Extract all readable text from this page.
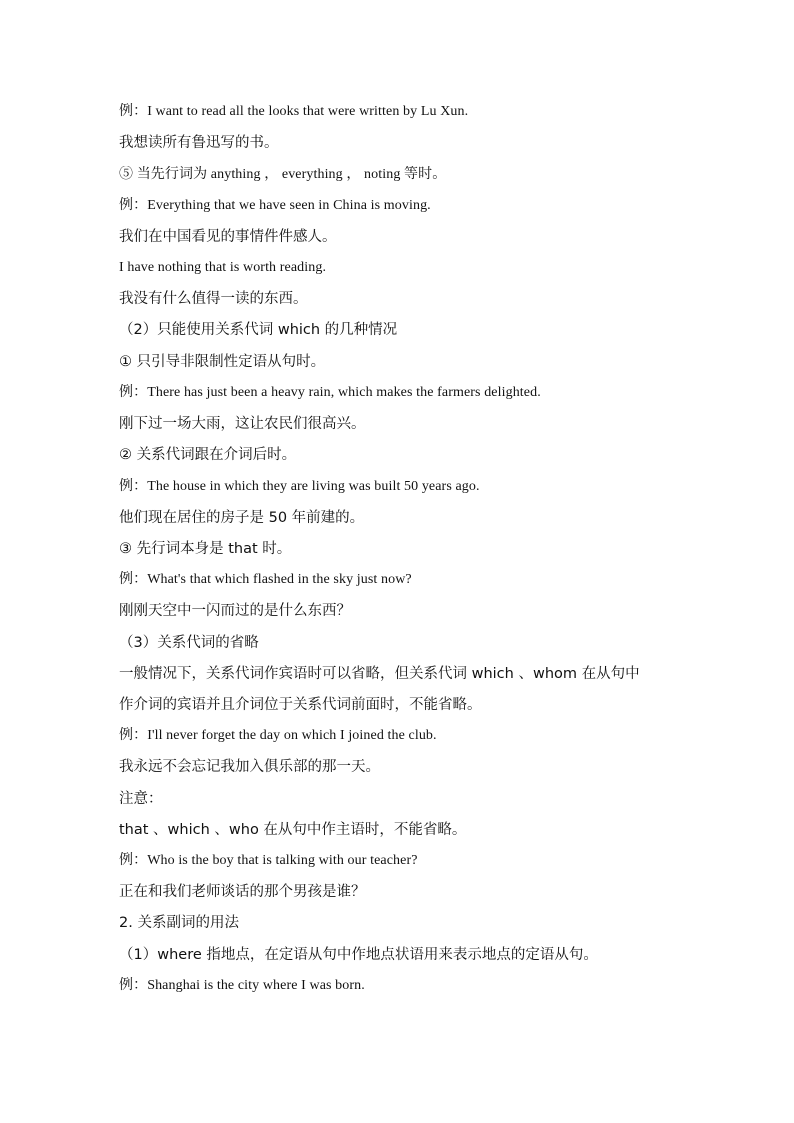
例：I want to read all the looks that were written by Lu Xun.
我想读所有鲁迅写的书。
⑤ 当先行词为 anything ， everything ， noting 等时。
例：Everything that we have seen in China is moving.
我们在中国看见的事情件件感人。
I have nothing that is worth reading.
我没有什么值得一读的东西。
（2）只能使用关系代词 which 的几种情况
① 只引导非限制性定语从句时。
例：There has just been a heavy rain, which makes the farmers delighted.
刚下过一场大雨，这让农民们很高兴。
② 关系代词跟在介词后时。
例：The house in which they are living was built 50 years ago.
他们现在居住的房子是 50 年前建的。
③ 先行词本身是 that 时。
例：What's that which flashed in the sky just now?
刚刚天空中一闪而过的是什么东西？
（3）关系代词的省略
一般情况下，关系代词作宾语时可以省略，但关系代词 which 、whom 在从句中
作介词的宾语并且介词位于关系代词前面时，不能省略。
例：I'll never forget the day on which I joined the club.
我永远不会忘记我加入俱乐部的那一天。
注意：
that 、which 、who 在从句中作主语时，不能省略。
例：Who is the boy that is talking with our teacher?
正在和我们老师谈话的那个男孩是谁？
2. 关系副词的用法
（1）where 指地点，在定语从句中作地点状语用来表示地点的定语从句。
例：Shanghai is the city where I was born.
